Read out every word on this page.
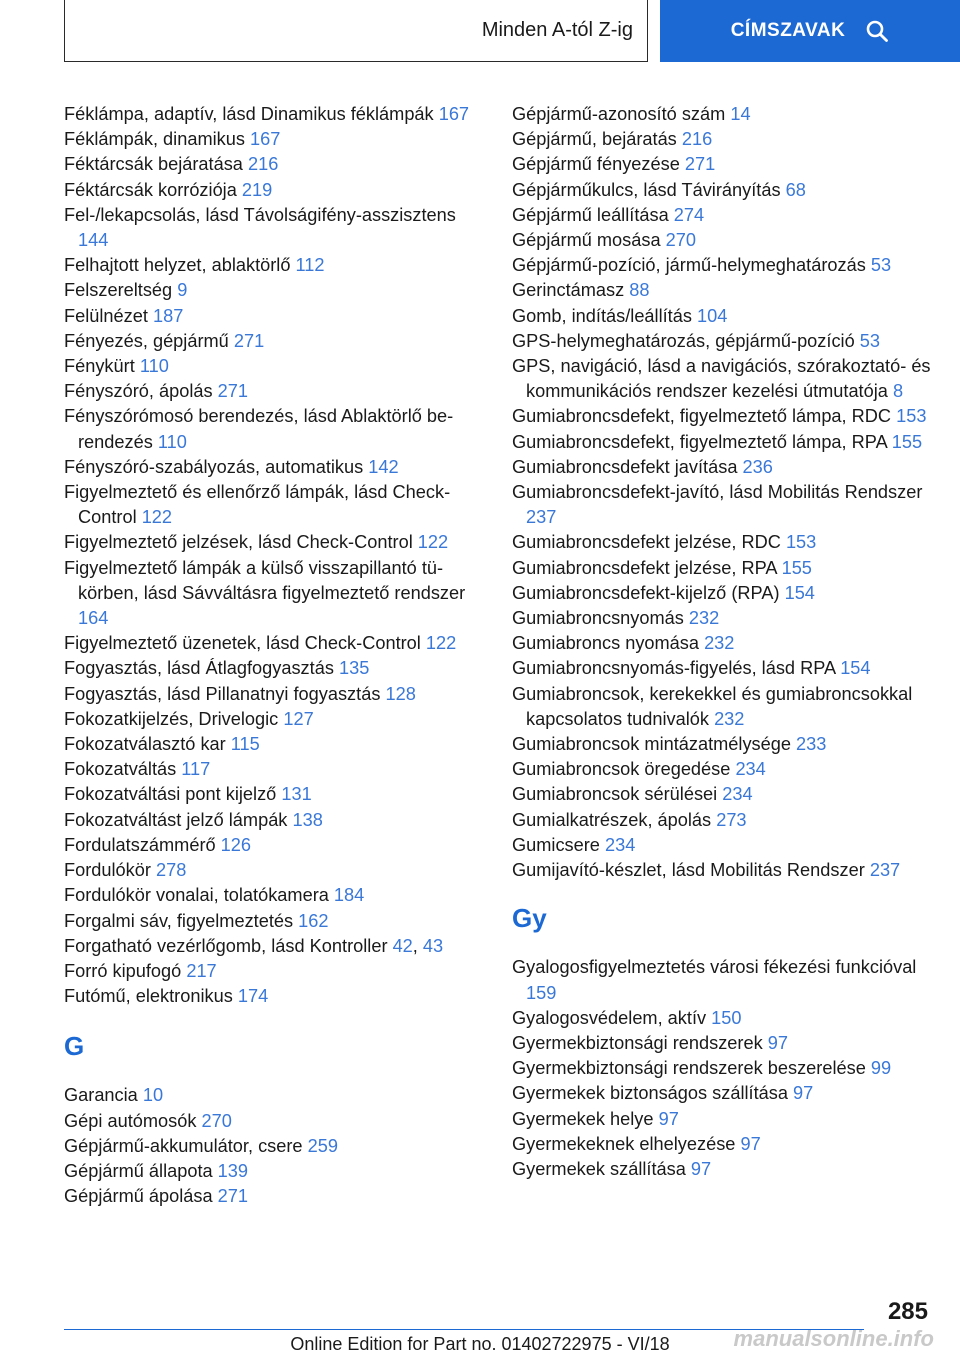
Minden A-tól Z-ig	CÍMSZAVAK
Féklámpa, adaptív, lásd Dinamikus féklámpák 167
Féklámpák, dinamikus 167
Féktárcsák bejáratása 216
Féktárcsák korróziója 219
Fel-/lekapcsolás, lásd Távolságifény-asszisztens 144
Felhajtott helyzet, ablaktörlő 112
Felszereltség 9
Felülnézet 187
Fényezés, gépjármű 271
Fénykürt 110
Fényszóró, ápolás 271
Fényszórómosó berendezés, lásd Ablaktörlő berendezés 110
Fényszóró-szabályozás, automatikus 142
Figyelmeztető és ellenőrző lámpák, lásd Check-Control 122
Figyelmeztető jelzések, lásd Check-Control 122
Figyelmeztető lámpák a külső visszapillantó tükörben, lásd Sávváltásra figyelmeztető rendszer 164
Figyelmeztető üzenetek, lásd Check-Control 122
Fogyasztás, lásd Átlagfogyasztás 135
Fogyasztás, lásd Pillanatnyi fogyasztás 128
Fokozatkijelzés, Drivelogic 127
Fokozatválasztó kar 115
Fokozatváltás 117
Fokozatváltási pont kijelző 131
Fokozatváltást jelző lámpák 138
Fordulatszámmérő 126
Fordulókör 278
Fordulókör vonalai, tolatókamera 184
Forgalmi sáv, figyelmeztetés 162
Forgatható vezérlőgomb, lásd Kontroller 42, 43
Forró kipufogó 217
Futómű, elektronikus 174
G
Garancia 10
Gépi autómosók 270
Gépjármű-akkumulátor, csere 259
Gépjármű állapota 139
Gépjármű ápolása 271
Gépjármű-azonosító szám 14
Gépjármű, bejáratás 216
Gépjármű fényezése 271
Gépjárműkulcs, lásd Távirányítás 68
Gépjármű leállítása 274
Gépjármű mosása 270
Gépjármű-pozíció, jármű-helymeghatározás 53
Gerinctámasz 88
Gomb, indítás/leállítás 104
GPS-helymeghatározás, gépjármű-pozíció 53
GPS, navigáció, lásd a navigációs, szórakoztató- és kommunikációs rendszer kezelési útmutatója 8
Gumiabroncsdefekt, figyelmeztető lámpa, RDC 153
Gumiabroncsdefekt, figyelmeztető lámpa, RPA 155
Gumiabroncsdefekt javítása 236
Gumiabroncsdefekt-javító, lásd Mobilitás Rendszer 237
Gumiabroncsdefekt jelzése, RDC 153
Gumiabroncsdefekt jelzése, RPA 155
Gumiabroncsdefekt-kijelző (RPA) 154
Gumiabroncsnyomás 232
Gumiabroncs nyomása 232
Gumiabroncsnyomás-figyelés, lásd RPA 154
Gumiabroncsok, kerekekkel és gumiabroncsokkal kapcsolatos tudnivalók 232
Gumiabroncsok mintázatmélysége 233
Gumiabroncsok öregedése 234
Gumiabroncsok sérülései 234
Gumialkatrészek, ápolás 273
Gumicsere 234
Gumijavító-készlet, lásd Mobilitás Rendszer 237
Gy
Gyalogosfigyelmeztetés városi fékezési funkcióval 159
Gyalogosvédelem, aktív 150
Gyermekbiztonsági rendszerek 97
Gyermekbiztonsági rendszerek beszerelése 99
Gyermekek biztonságos szállítása 97
Gyermekek helye 97
Gyermekeknek elhelyezése 97
Gyermekek szállítása 97
285
Online Edition for Part no. 01402722975 - VI/18	manualsonline.info
